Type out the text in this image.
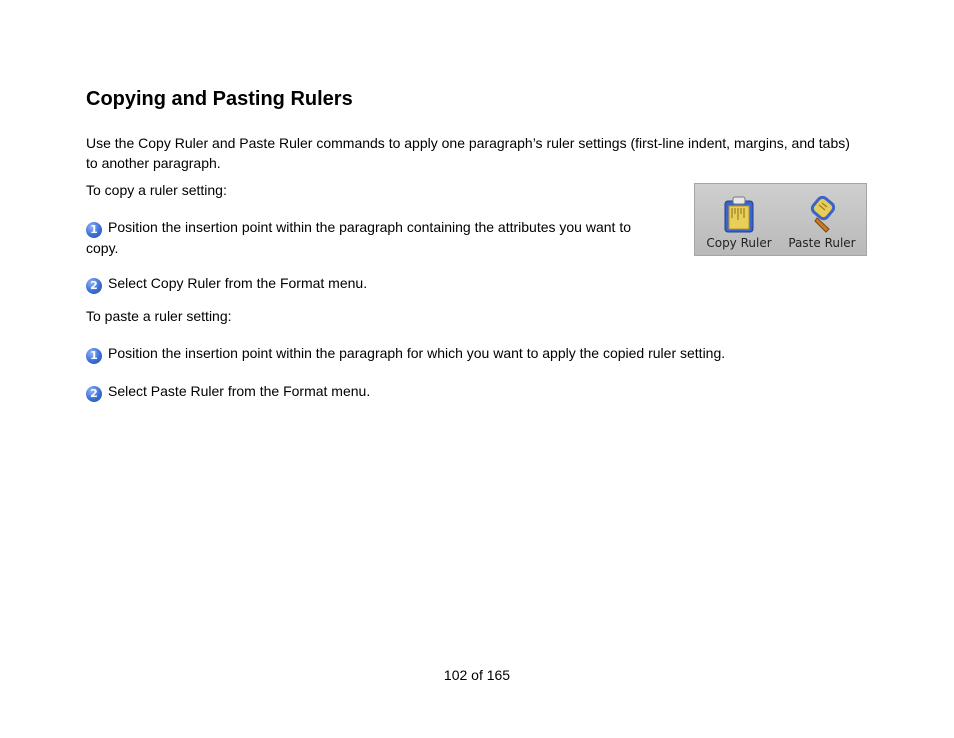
Copying and Pasting Rulers

Use the Copy Ruler and Paste Ruler commands to apply one paragraph’s ruler settings (first-line indent, margins, and tabs) to another paragraph.

To copy a ruler setting:

1 Position the insertion point within the paragraph containing the attributes you want to copy.

2 Select Copy Ruler from the Format menu.

To paste a ruler setting:

1 Position the insertion point within the paragraph for which you want to apply the copied ruler setting.

2 Select Paste Ruler from the Format menu.

Copy Ruler	Paste Ruler
102 of 165
